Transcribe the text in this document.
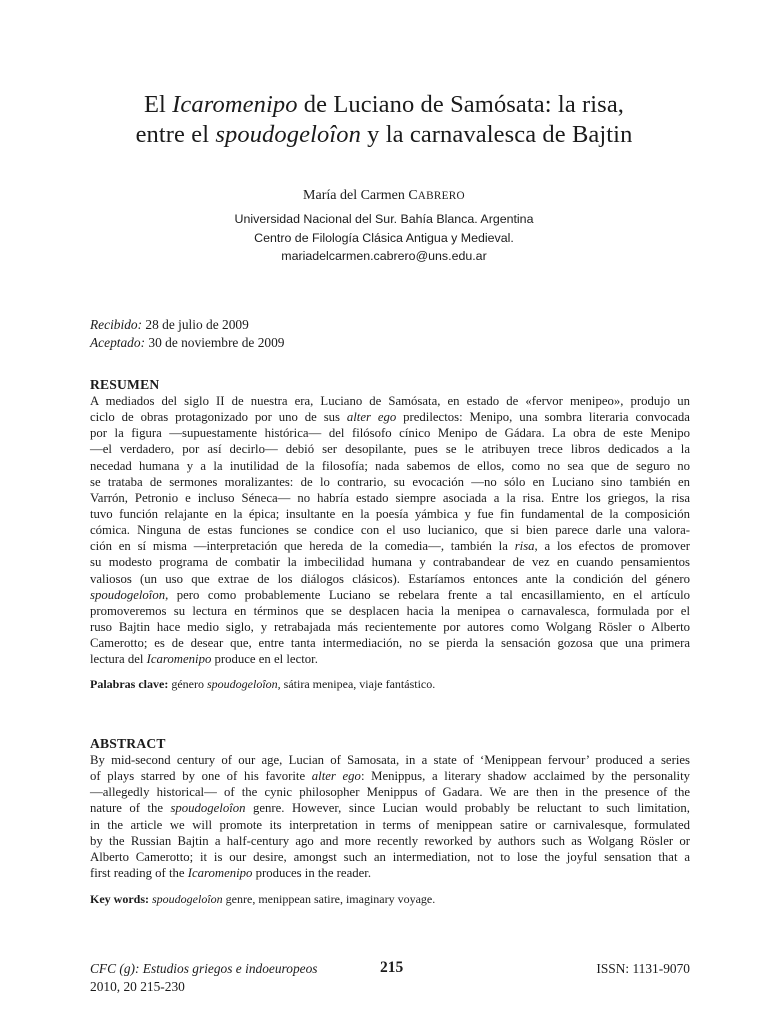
El Icaromenipo de Luciano de Samósata: la risa,
entre el spoudogeloîon y la carnavalesca de Bajtin
María del Carmen CABRERO
Universidad Nacional del Sur. Bahía Blanca. Argentina
Centro de Filología Clásica Antigua y Medieval.
mariadelcarmen.cabrero@uns.edu.ar
Recibido: 28 de julio de 2009
Aceptado: 30 de noviembre de 2009
RESUMEN
A mediados del siglo II de nuestra era, Luciano de Samósata, en estado de «fervor menipeo», produjo un
ciclo de obras protagonizado por uno de sus alter ego predilectos: Menipo, una sombra literaria convocada
por la figura —supuestamente histórica— del filósofo cínico Menipo de Gádara. La obra de este Menipo
—el verdadero, por así decirlo— debió ser desopilante, pues se le atribuyen trece libros dedicados a la
necedad humana y a la inutilidad de la filosofía; nada sabemos de ellos, como no sea que de seguro no
se trataba de sermones moralizantes: de lo contrario, su evocación —no sólo en Luciano sino también en
Varrón, Petronio e incluso Séneca— no habría estado siempre asociada a la risa. Entre los griegos, la risa
tuvo función relajante en la épica; insultante en la poesía yámbica y fue fin fundamental de la composición
cómica. Ninguna de estas funciones se condice con el uso lucianico, que si bien parece darle una valora-
ción en sí misma —interpretación que hereda de la comedia—, también la risa, a los efectos de promover
su modesto programa de combatir la imbecilidad humana y contrabandear de vez en cuando pensamientos
valiosos (un uso que extrae de los diálogos clásicos). Estaríamos entonces ante la condición del género
spoudogeloîon, pero como probablemente Luciano se rebelara frente a tal encasillamiento, en el artículo
promoveremos su lectura en términos que se desplacen hacia la menipea o carnavalesca, formulada por el
ruso Bajtin hace medio siglo, y retrabajada más recientemente por autores como Wolgang Rösler o Alberto
Camerotto; es de desear que, entre tanta intermediación, no se pierda la sensación gozosa que una primera
lectura del Icaromenipo produce en el lector.
Palabras clave: género spoudogeloîon, sátira menipea, viaje fantástico.
ABSTRACT
By mid-second century of our age, Lucian of Samosata, in a state of ‘Menippean fervour’ produced a series
of plays starred by one of his favorite alter ego: Menippus, a literary shadow acclaimed by the personality
—allegedly historical— of the cynic philosopher Menippus of Gadara. We are then in the presence of the
nature of the spoudogeloîon genre. However, since Lucian would probably be reluctant to such limitation,
in the article we will promote its interpretation in terms of menippean satire or carnivalesque, formulated
by the Russian Bajtin a half-century ago and more recently reworked by authors such as Wolgang Rösler or
Alberto Camerotto; it is our desire, amongst such an intermediation, not to lose the joyful sensation that a
first reading of the Icaromenipo produces in the reader.
Key words: spoudogeloîon genre, menippean satire, imaginary voyage.
CFC (g): Estudios griegos e indoeuropeos
2010, 20 215-230
215	ISSN: 1131-9070
